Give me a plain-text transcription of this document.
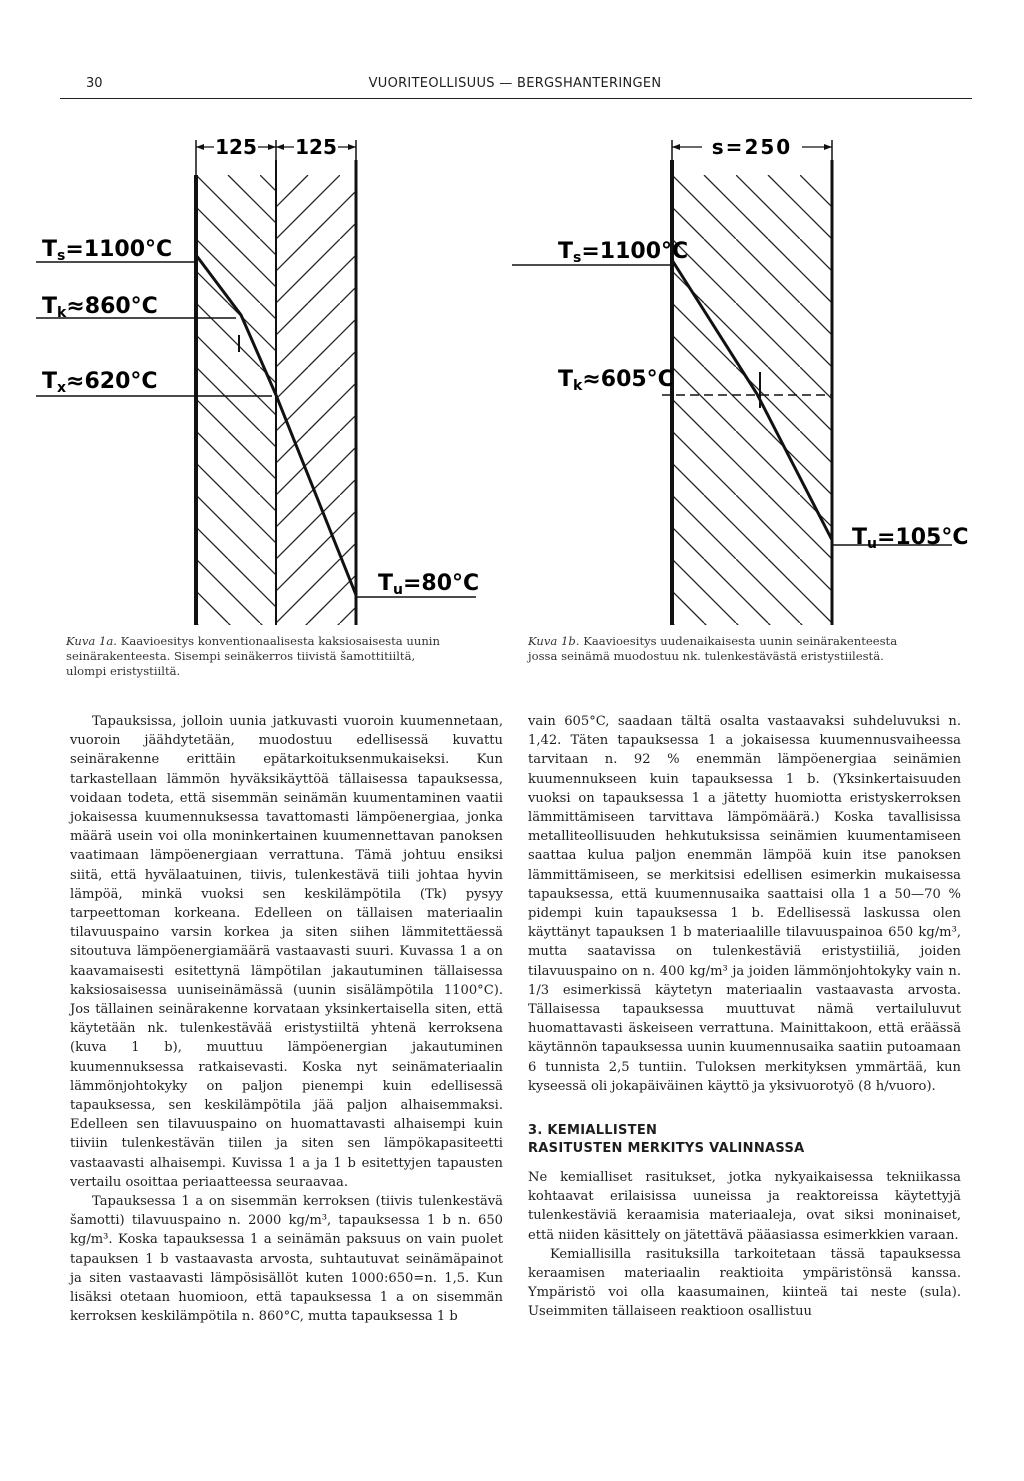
30	VUORITEOLLISUUS — BERGSHANTERINGEN
125 125
Ts=1100°C
Tk≈860°C
Tx≈620°C
Tu=80°C
Kuva 1a. Kaavioesitys konventionaalisesta kaksiosaisesta uunin
seinärakenteesta. Sisempi seinäkerros tiivistä šamottitiiltä,
ulompi eristystiiltä.
s=250
Ts=1100°C
Tk≈605°C
Tu=105°C
Kuva 1b. Kaavioesitys uudenaikaisesta uunin seinärakenteesta
jossa seinämä muodostuu nk. tulenkestävästä eristystiilestä.

Tapauksissa, jolloin uunia jatkuvasti vuoroin kuumennetaan, vuoroin jäähdytetään, muodostuu edellisessä kuvattu seinärakenne erittäin epätarkoituksenmukaiseksi. Kun tarkastellaan lämmön hyväksikäyttöä tällaisessa tapauksessa, voidaan todeta, että sisemmän seinämän kuumentaminen vaatii jokaisessa kuumennuksessa tavattomasti lämpöenergiaa, jonka määrä usein voi olla moninkertainen kuumennettavan panoksen vaatimaan lämpöenergiaan verrattuna. Tämä johtuu ensiksi siitä, että hyvälaatuinen, tiivis, tulenkestävä tiili johtaa hyvin lämpöä, minkä vuoksi sen keskilämpötila (Tk) pysyy tarpeettoman korkeana. Edelleen on tällaisen materiaalin tilavuuspaino varsin korkea ja siten siihen lämmitettäessä sitoutuva lämpöenergiamäärä vastaavasti suuri. Kuvassa 1 a on kaavamaisesti esitettynä lämpötilan jakautuminen tällaisessa kaksiosaisessa uuniseinämässä (uunin sisälämpötila 1100°C). Jos tällainen seinärakenne korvataan yksinkertaisella siten, että käytetään nk. tulenkestävää eristystiiltä yhtenä kerroksena (kuva 1 b), muuttuu lämpöenergian jakautuminen kuumennuksessa ratkaisevasti. Koska nyt seinämateriaalin lämmönjohtokyky on paljon pienempi kuin edellisessä tapauksessa, sen keskilämpötila jää paljon alhaisemmaksi. Edelleen sen tilavuuspaino on huomattavasti alhaisempi kuin tiiviin tulenkestävän tiilen ja siten sen lämpökapasiteetti vastaavasti alhaisempi. Kuvissa 1 a ja 1 b esitettyjen tapausten vertailu osoittaa periaatteessa seuraavaa.

Tapauksessa 1 a on sisemmän kerroksen (tiivis tulenkestävä šamotti) tilavuuspaino n. 2000 kg/m³, tapauksessa 1 b n. 650 kg/m³. Koska tapauksessa 1 a seinämän paksuus on vain puolet tapauksen 1 b vastaavasta arvosta, suhtautuvat seinämäpainot ja siten vastaavasti lämpösisällöt kuten 1000:650=n. 1,5. Kun lisäksi otetaan huomioon, että tapauksessa 1 a on sisemmän kerroksen keskilämpötila n. 860°C, mutta tapauksessa 1 b

vain 605°C, saadaan tältä osalta vastaavaksi suhdeluvuksi n. 1,42. Täten tapauksessa 1 a jokaisessa kuumennusvaiheessa tarvitaan n. 92 % enemmän lämpöenergiaa seinämien kuumennukseen kuin tapauksessa 1 b. (Yksinkertaisuuden vuoksi on tapauksessa 1 a jätetty huomiotta eristyskerroksen lämmittämiseen tarvittava lämpömäärä.) Koska tavallisissa metalliteollisuuden hehkutuksissa seinämien kuumentamiseen saattaa kulua paljon enemmän lämpöä kuin itse panoksen lämmittämiseen, se merkitsisi edellisen esimerkin mukaisessa tapauksessa, että kuumennusaika saattaisi olla 1 a 50—70 % pidempi kuin tapauksessa 1 b. Edellisessä laskussa olen käyttänyt tapauksen 1 b materiaalille tilavuuspainoa 650 kg/m³, mutta saatavissa on tulenkestäviä eristystiiliä, joiden tilavuuspaino on n. 400 kg/m³ ja joiden lämmönjohtokyky vain n. 1/3 esimerkissä käytetyn materiaalin vastaavasta arvosta. Tällaisessa tapauksessa muuttuvat nämä vertailuluvut huomattavasti äskeiseen verrattuna. Mainittakoon, että eräässä käytännön tapauksessa uunin kuumennusaika saatiin putoamaan 6 tunnista 2,5 tuntiin. Tuloksen merkityksen ymmärtää, kun kyseessä oli jokapäiväinen käyttö ja yksivuorotyö (8 h/vuoro).

3. KEMIALLISTEN
RASITUSTEN MERKITYS VALINNASSA

Ne kemialliset rasitukset, jotka nykyaikaisessa tekniikassa kohtaavat erilaisissa uuneissa ja reaktoreissa käytettyjä tulenkestäviä keraamisia materiaaleja, ovat siksi moninaiset, että niiden käsittely on jätettävä pääasiassa esimerkkien varaan.

Kemiallisilla rasituksilla tarkoitetaan tässä tapauksessa keraamisen materiaalin reaktioita ympäristönsä kanssa. Ympäristö voi olla kaasumainen, kiinteä tai neste (sula). Useimmiten tällaiseen reaktioon osallistuu
